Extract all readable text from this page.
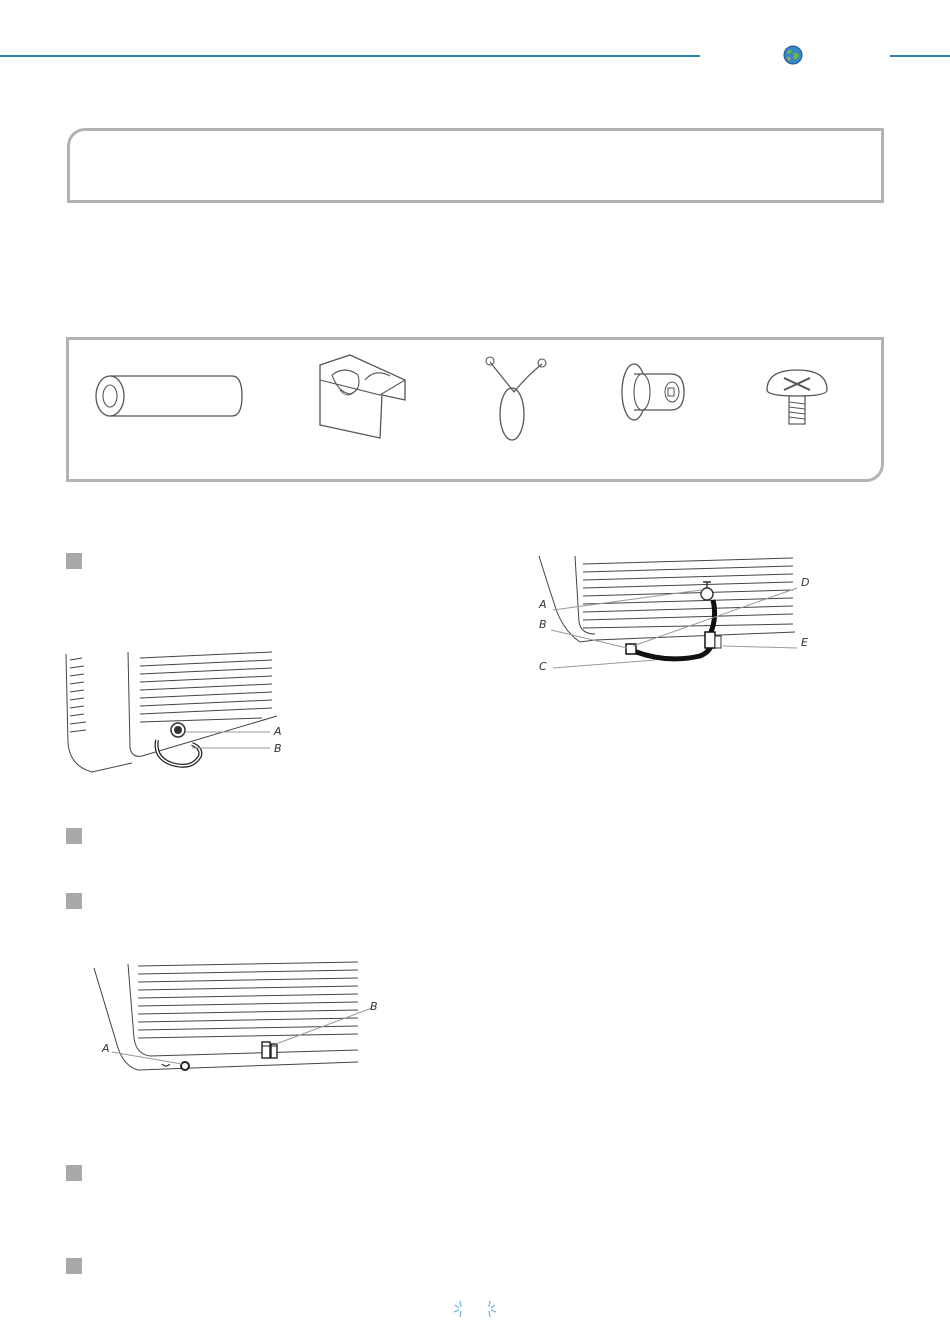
A
B
A
B
C
D
E
A
B
